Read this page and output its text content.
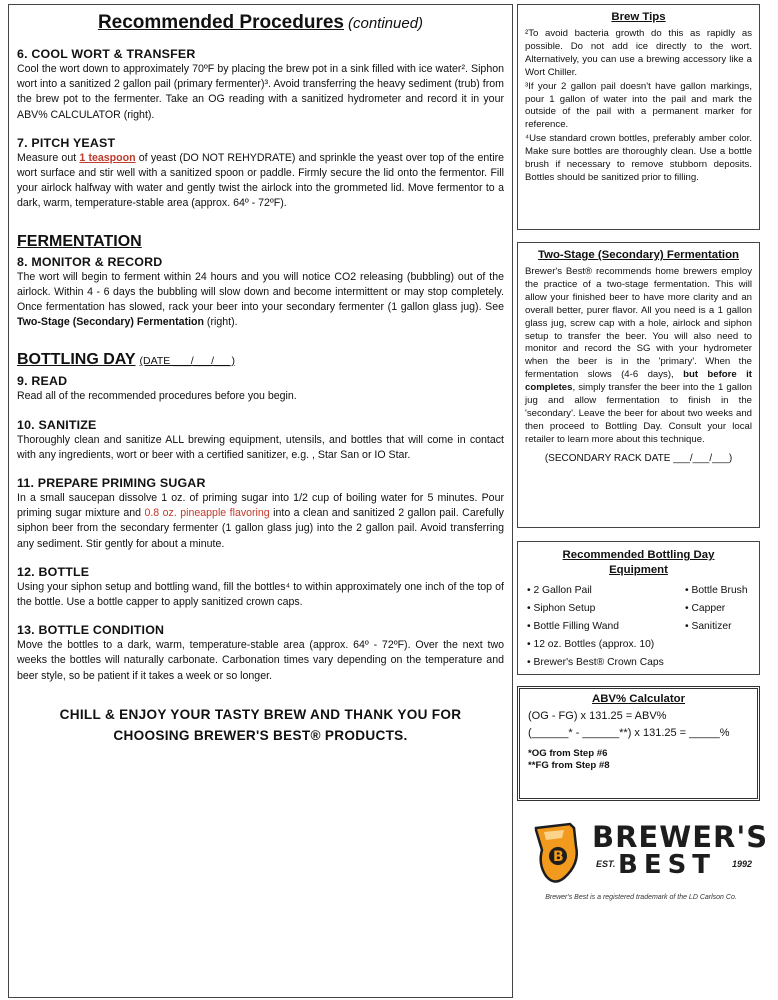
Recommended Procedures (continued)
6. COOL WORT & TRANSFER

Cool the wort down to approximately 70ºF by placing the brew pot in a sink filled with ice water². Siphon wort into a sanitized 2 gallon pail (primary fermenter)³. Avoid transferring the heavy sediment (trub) from the brew pot to the fermenter. Take an OG reading with a sanitized hydrometer and record it in your ABV% CALCULATOR (right).

7. PITCH YEAST

Measure out 1 teaspoon of yeast (DO NOT REHYDRATE) and sprinkle the yeast over top of the entire wort surface and stir well with a sanitized spoon or paddle. Firmly secure the lid onto the fermentor. Fill your airlock halfway with water and gently twist the airlock into the grommeted lid. Move fermentor to a dark, warm, temperature-stable area (approx. 64º - 72ºF).

FERMENTATION
8. MONITOR & RECORD

The wort will begin to ferment within 24 hours and you will notice CO2 releasing (bubbling) out of the airlock. Within 4 - 6 days the bubbling will slow down and become intermittent or may stop completely. Once fermentation has slowed, rack your beer into your secondary fermenter (1 gallon glass jug). See Two-Stage (Secondary) Fermentation (right).

BOTTLING DAY (DATE ___/___/___)
9. READ

Read all of the recommended procedures before you begin.

10. SANITIZE

Thoroughly clean and sanitize ALL brewing equipment, utensils, and bottles that will come in contact with any ingredients, wort or beer with a certified sanitizer, e.g. , Star San or IO Star.

11. PREPARE PRIMING SUGAR

In a small saucepan dissolve 1 oz. of priming sugar into 1/2 cup of boiling water for 5 minutes. Pour priming sugar mixture and 0.8 oz. pineapple flavoring into a clean and sanitized 2 gallon pail. Carefully siphon beer from the secondary fermenter (1 gallon glass jug) into the 2 gallon pail. Avoid transferring any sediment. Stir gently for about a minute.

12. BOTTLE

Using your siphon setup and bottling wand, fill the bottles⁴ to within approximately one inch of the top of the bottle. Use a bottle capper to apply sanitized crown caps.

13. BOTTLE CONDITION

Move the bottles to a dark, warm, temperature-stable area (approx. 64º - 72ºF). Over the next two weeks the bottles will naturally carbonate. Carbonation times vary depending on the temperature and beer style, so be patient if it takes a week or so longer.

CHILL & ENJOY YOUR TASTY BREW AND THANK YOU FOR
CHOOSING BREWER'S BEST® PRODUCTS.
Brew Tips

²To avoid bacteria growth do this as rapidly as possible. Do not add ice directly to the wort. Alternatively, you can use a brewing accessory like a Wort Chiller.

³If your 2 gallon pail doesn't have gallon markings, pour 1 gallon of water into the pail and mark the outside of the pail with a permanent marker for reference.

⁴Use standard crown bottles, preferably amber color. Make sure bottles are thoroughly clean. Use a bottle brush if necessary to remove stubborn deposits. Bottles should be sanitized prior to filling.

Two-Stage (Secondary) Fermentation

Brewer's Best® recommends home brewers employ the practice of a two-stage fermentation. This will allow your finished beer to have more clarity and an overall better, purer flavor. All you need is a 1 gallon glass jug, screw cap with a hole, airlock and siphon setup to transfer the beer. You will also need to monitor and record the SG with your hydrometer when the beer is in the 'primary'. When the fermentation slows (4-6 days), but before it completes, simply transfer the beer into the 1 gallon jug and allow fermentation to finish in the 'secondary'. Leave the beer for about two weeks and then proceed to Bottling Day. Consult your local retailer to learn more about this technique.

(SECONDARY RACK DATE ___/___/___)
Recommended Bottling Day
Equipment
• 2 Gallon Pail
• Siphon Setup
• Bottle Filling Wand
• 12 oz. Bottles (approx. 10)
• Brewer's Best® Crown Caps
• Bottle Brush
• Capper
• Sanitizer
ABV% Calculator
(OG - FG) x 131.25 = ABV%
(______* - ______**) x 131.25 = _____%
*OG from Step #6
**FG from Step #8
B
BREWER'S
EST. BEST 1992
Brewer's Best is a registered trademark of the LD Carlson Co.
